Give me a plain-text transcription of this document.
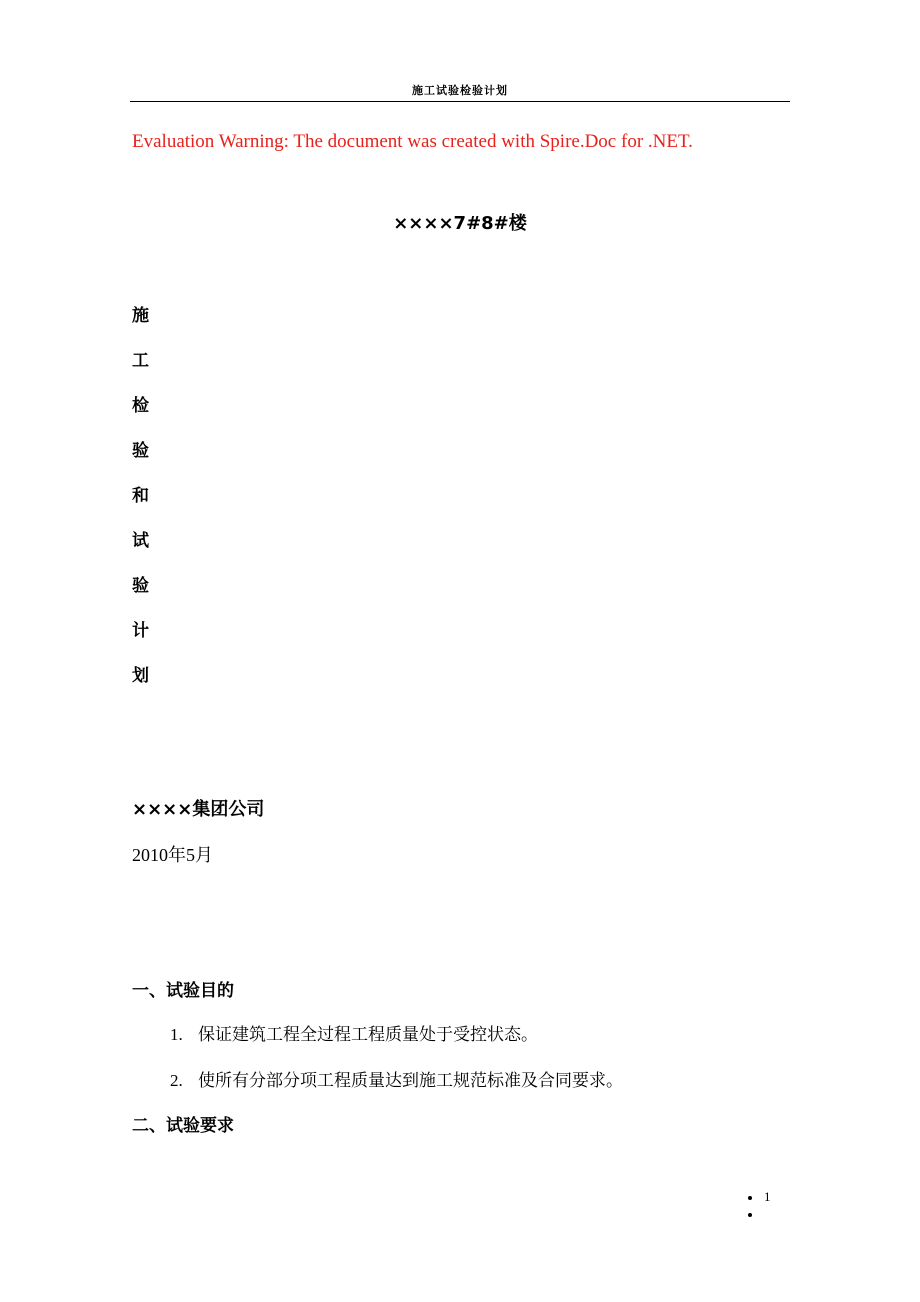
施工试验检验计划
Evaluation Warning: The document was created with Spire.Doc for .NET.
××××7#8#楼
施
工
检
验
和
试
验
计
划
××××集团公司
2010年5月
一、试验目的
1. 保证建筑工程全过程工程质量处于受控状态。
2. 使所有分部分项工程质量达到施工规范标准及合同要求。
二、试验要求
1
